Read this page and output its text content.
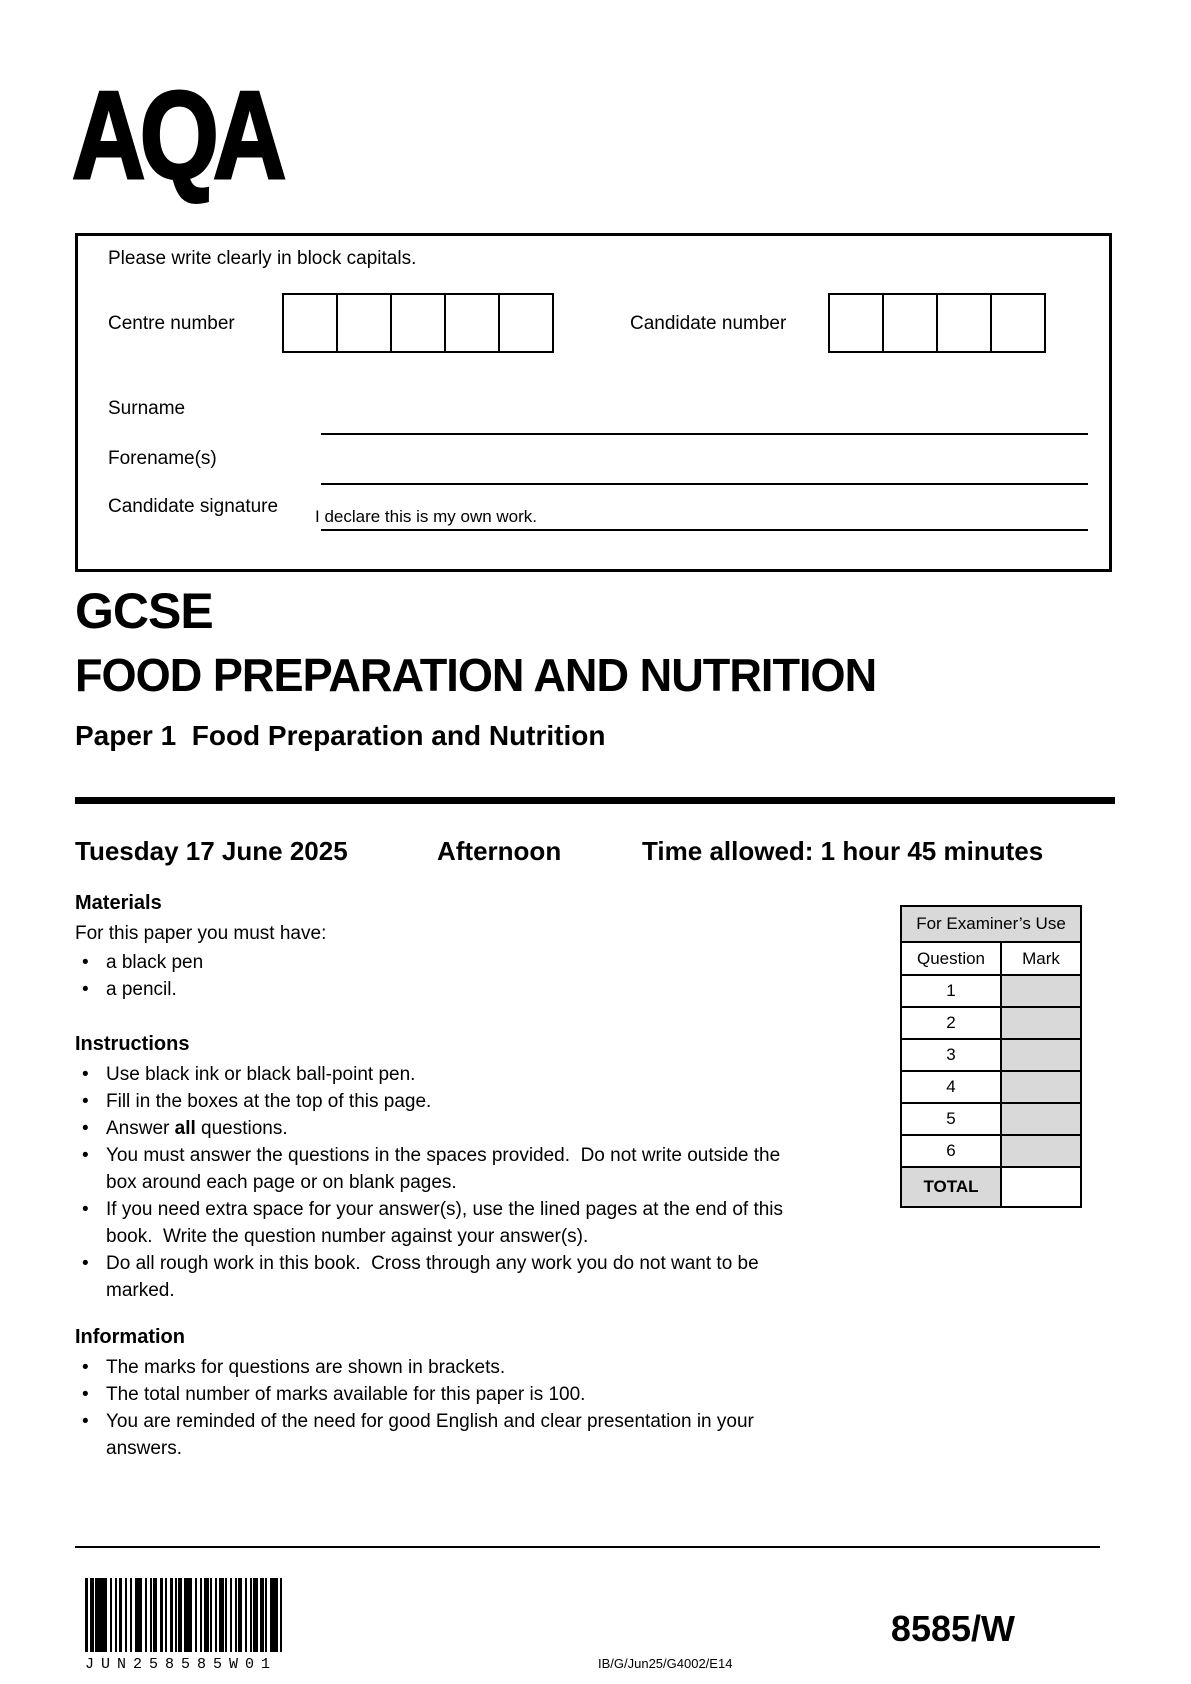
AQA
Please write clearly in block capitals.
Centre number	Candidate number
Surname
Forename(s)
Candidate signature I declare this is my own work.
GCSE
FOOD PREPARATION AND NUTRITION
Paper 1  Food Preparation and Nutrition
Tuesday 17 June 2025	Afternoon	Time allowed: 1 hour 45 minutes
Materials
For this paper you must have:
• a black pen
• a pencil.
Instructions
• Use black ink or black ball-point pen.
• Fill in the boxes at the top of this page.
• Answer all questions.
• You must answer the questions in the spaces provided.  Do not write outside the box around each page or on blank pages.
• If you need extra space for your answer(s), use the lined pages at the end of this book.  Write the question number against your answer(s).
• Do all rough work in this book.  Cross through any work you do not want to be marked.
Information
• The marks for questions are shown in brackets.
• The total number of marks available for this paper is 100.
• You are reminded of the need for good English and clear presentation in your answers.
For Examiner’s Use	
Question	Mark
1	
2	
3	
4	
5	
6	
TOTAL	
JUN258585W01	IB/G/Jun25/G4002/E14
8585/W
